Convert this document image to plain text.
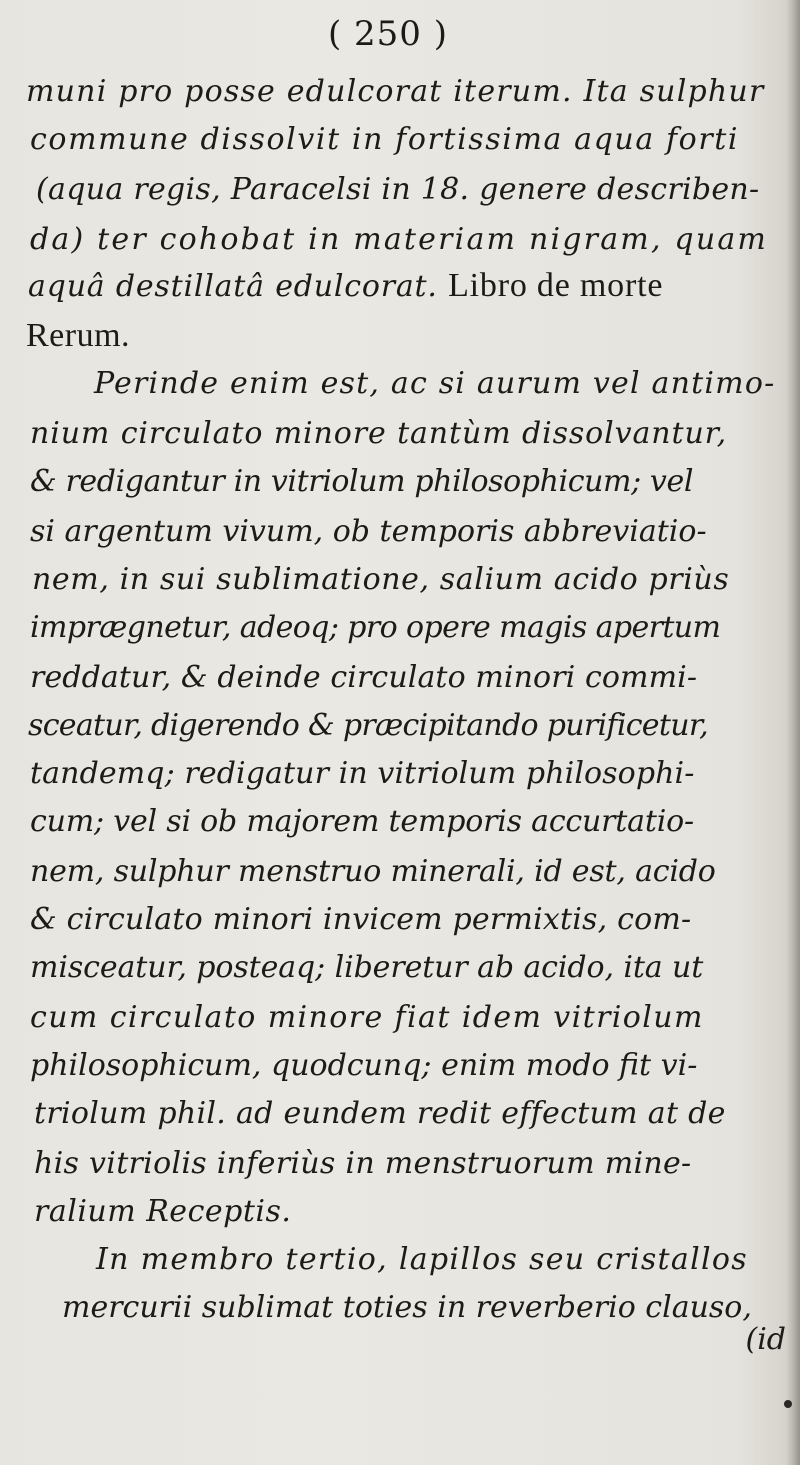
( 250 )
muni pro posse edulcorat iterum. Ita sulphur
commune dissolvit in fortissima aqua forti
(aqua regis, Paracelsi in 18. genere describen-
da) ter cohobat in materiam nigram, quam
aquâ destillatâ edulcorat. Libro de morte
Rerum.
Perinde enim est, ac si aurum vel antimo-
nium circulato minore tantùm dissolvantur,
& redigantur in vitriolum philosophicum; vel
si argentum vivum, ob temporis abbreviatio-
nem, in sui sublimatione, salium acido priùs
imprægnetur, adeoq; pro opere magis apertum
reddatur, & deinde circulato minori commi-
sceatur, digerendo & præcipitando purificetur,
tandemq; redigatur in vitriolum philosophi-
cum; vel si ob majorem temporis accurtatio-
nem, sulphur menstruo minerali, id est, acido
& circulato minori invicem permixtis, com-
misceatur, posteaq; liberetur ab acido, ita ut
cum circulato minore fiat idem vitriolum
philosophicum, quodcunq; enim modo fit vi-
triolum phil. ad eundem redit effectum at de
his vitriolis inferiùs in menstruorum mine-
ralium Receptis.
In membro tertio, lapillos seu cristallos
mercurii sublimat toties in reverberio clauso,
(id
